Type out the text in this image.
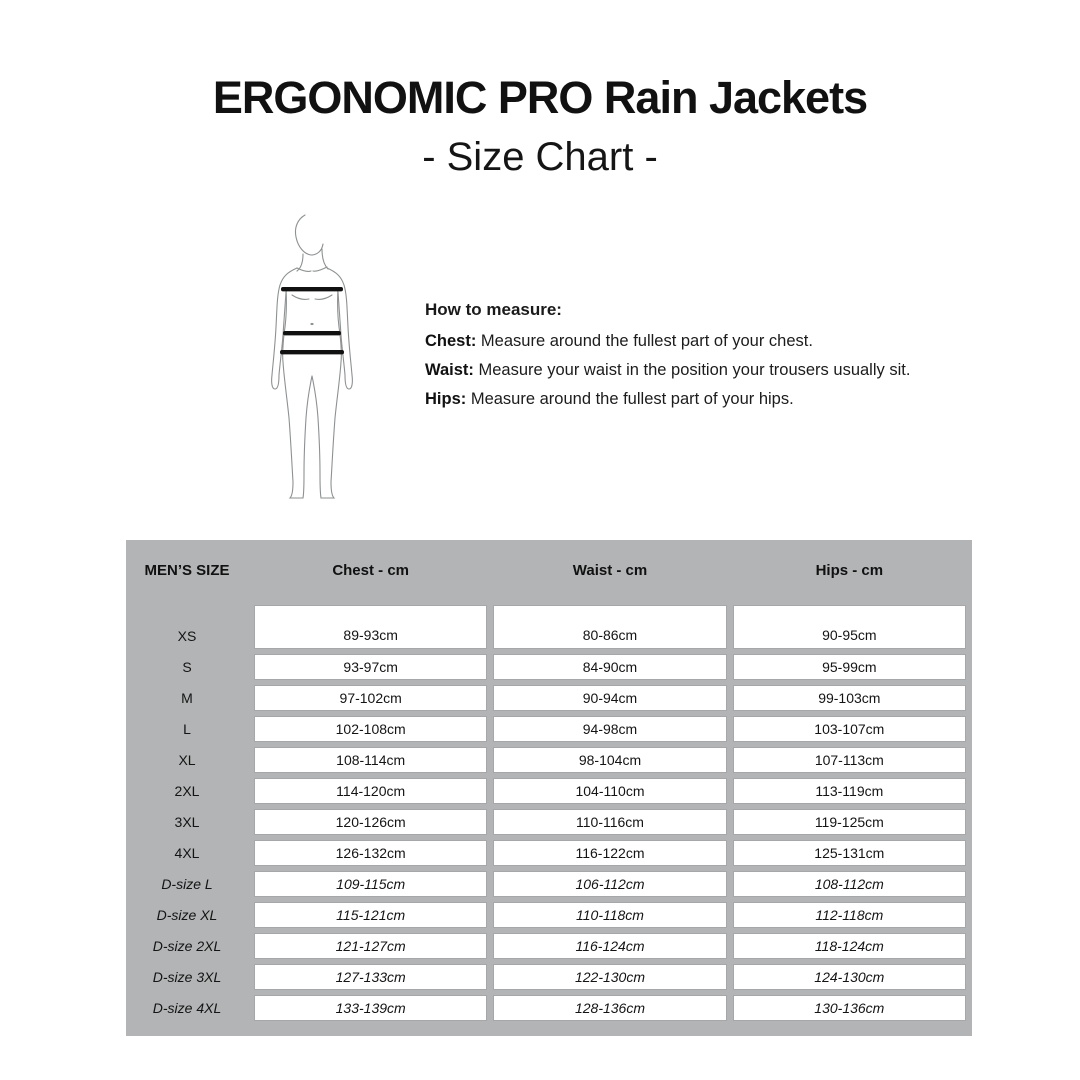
ERGONOMIC PRO Rain Jackets
- Size Chart -
How to measure:
Chest: Measure around the fullest part of your chest.
Waist: Measure your waist in the position your trousers usually sit.
Hips: Measure around the fullest part of your hips.
MEN’S SIZE	Chest - cm	Waist - cm	Hips - cm
XS	89-93cm	80-86cm	90-95cm
S	93-97cm	84-90cm	95-99cm
M	97-102cm	90-94cm	99-103cm
L	102-108cm	94-98cm	103-107cm
XL	108-114cm	98-104cm	107-113cm
2XL	114-120cm	104-110cm	113-119cm
3XL	120-126cm	110-116cm	119-125cm
4XL	126-132cm	116-122cm	125-131cm
D-size L	109-115cm	106-112cm	108-112cm
D-size XL	115-121cm	110-118cm	112-118cm
D-size 2XL	121-127cm	116-124cm	118-124cm
D-size 3XL	127-133cm	122-130cm	124-130cm
D-size 4XL	133-139cm	128-136cm	130-136cm
